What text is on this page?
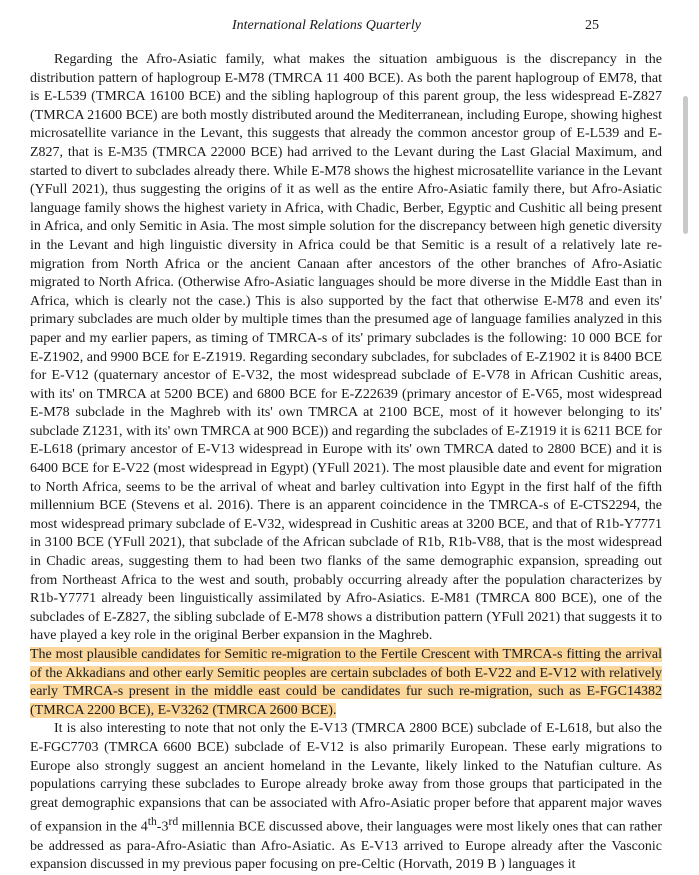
International Relations Quarterly	25

Regarding the Afro-Asiatic family, what makes the situation ambiguous is the discrepancy in the distribution pattern of haplogroup E-M78 (TMRCA 11 400 BCE). As both the parent haplogroup of EM78, that is E-L539 (TMRCA 16100 BCE) and the sibling haplogroup of this parent group, the less widespread E-Z827 (TMRCA 21600 BCE) are both mostly distributed around the Mediterranean, including Europe, showing highest microsatellite variance in the Levant, this suggests that already the common ancestor group of E-L539 and E-Z827, that is E-M35 (TMRCA 22000 BCE) had arrived to the Levant during the Last Glacial Maximum, and started to divert to subclades already there. While E-M78 shows the highest microsatellite variance in the Levant (YFull 2021), thus suggesting the origins of it as well as the entire Afro-Asiatic family there, but Afro-Asiatic language family shows the highest variety in Africa, with Chadic, Berber, Egyptic and Cushitic all being present in Africa, and only Semitic in Asia. The most simple solution for the discrepancy between high genetic diversity in the Levant and high linguistic diversity in Africa could be that Semitic is a result of a relatively late re-migration from North Africa or the ancient Canaan after ancestors of the other branches of Afro-Asiatic migrated to North Africa. (Otherwise Afro-Asiatic languages should be more diverse in the Middle East than in Africa, which is clearly not the case.) This is also supported by the fact that otherwise E-M78 and even its' primary subclades are much older by multiple times than the presumed age of language families analyzed in this paper and my earlier papers, as timing of TMRCA-s of its' primary subclades is the following: 10 000 BCE for E-Z1902, and 9900 BCE for E-Z1919. Regarding secondary subclades, for subclades of E-Z1902 it is 8400 BCE for E-V12 (quaternary ancestor of E-V32, the most widespread subclade of E-V78 in African Cushitic areas, with its' on TMRCA at 5200 BCE) and 6800 BCE for E-Z22639 (primary ancestor of E-V65, most widespread E-M78 subclade in the Maghreb with its' own TMRCA at 2100 BCE, most of it however belonging to its' subclade Z1231, with its' own TMRCA at 900 BCE)) and regarding the subclades of E-Z1919 it is 6211 BCE for E-L618 (primary ancestor of E-V13 widespread in Europe with its' own TMRCA dated to 2800 BCE) and it is 6400 BCE for E-V22 (most widespread in Egypt) (YFull 2021). The most plausible date and event for migration to North Africa, seems to be the arrival of wheat and barley cultivation into Egypt in the first half of the fifth millennium BCE (Stevens et al. 2016). There is an apparent coincidence in the TMRCA-s of E-CTS2294, the most widespread primary subclade of E-V32, widespread in Cushitic areas at 3200 BCE, and that of R1b-Y7771 in 3100 BCE (YFull 2021), that subclade of the African subclade of R1b, R1b-V88, that is the most widespread in Chadic areas, suggesting them to had been two flanks of the same demographic expansion, spreading out from Northeast Africa to the west and south, probably occurring already after the population characterizes by R1b-Y7771 already been linguistically assimilated by Afro-Asiatics. E-M81 (TMRCA 800 BCE), one of the subclades of E-Z827, the sibling subclade of E-M78 shows a distribution pattern (YFull 2021) that suggests it to have played a key role in the original Berber expansion in the Maghreb.
The most plausible candidates for Semitic re-migration to the Fertile Crescent with TMRCA-s fitting the arrival of the Akkadians and other early Semitic peoples are certain subclades of both E-V22 and E-V12 with relatively early TMRCA-s present in the middle east could be candidates fur such re-migration, such as E-FGC14382 (TMRCA 2200 BCE), E-V3262 (TMRCA 2600 BCE).

It is also interesting to note that not only the E-V13 (TMRCA 2800 BCE) subclade of E-L618, but also the E-FGC7703 (TMRCA 6600 BCE) subclade of E-V12 is also primarily European. These early migrations to Europe also strongly suggest an ancient homeland in the Levante, likely linked to the Natufian culture. As populations carrying these subclades to Europe already broke away from those groups that participated in the great demographic expansions that can be associated with Afro-Asiatic proper before that apparent major waves of expansion in the 4th-3rd millennia BCE discussed above, their languages were most likely ones that can rather be addressed as para-Afro-Asiatic than Afro-Asiatic. As E-V13 arrived to Europe already after the Vasconic expansion discussed in my previous paper focusing on pre-Celtic (Horvath, 2019 B ) languages it
